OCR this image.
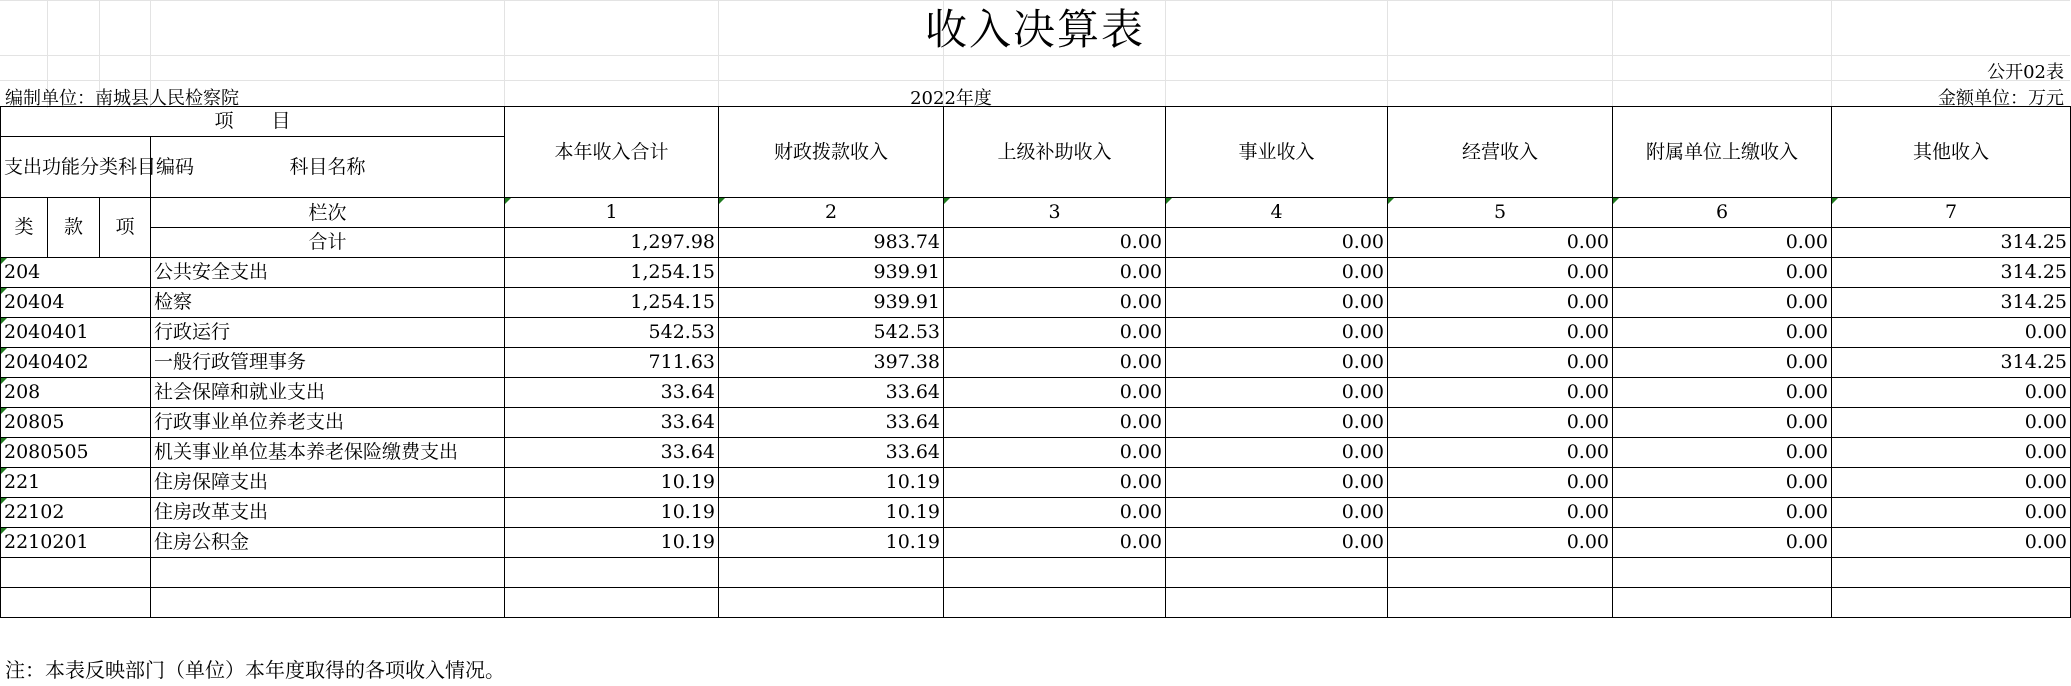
收入决算表
公开02表
编制单位：南城县人民检察院	2022年度	金额单位：万元
项　　目				本年收入合计	财政拨款收入	上级补助收入	事业收入	经营收入	附属单位上缴收入	其他收入
支出功能分类科目编码			科目名称							

类	款	项	栏次	1	2	3	4	5	6	7
			合计	1,297.98	983.74	0.00	0.00	0.00	0.00	314.25
204			公共安全支出	1,254.15	939.91	0.00	0.00	0.00	0.00	314.25
20404			检察	1,254.15	939.91	0.00	0.00	0.00	0.00	314.25
2040401			行政运行	542.53	542.53	0.00	0.00	0.00	0.00	0.00
2040402			一般行政管理事务	711.63	397.38	0.00	0.00	0.00	0.00	314.25
208			社会保障和就业支出	33.64	33.64	0.00	0.00	0.00	0.00	0.00
20805			行政事业单位养老支出	33.64	33.64	0.00	0.00	0.00	0.00	0.00
2080505			机关事业单位基本养老保险缴费支出	33.64	33.64	0.00	0.00	0.00	0.00	0.00
221			住房保障支出	10.19	10.19	0.00	0.00	0.00	0.00	0.00
22102			住房改革支出	10.19	10.19	0.00	0.00	0.00	0.00	0.00
2210201			住房公积金	10.19	10.19	0.00	0.00	0.00	0.00	0.00

注：本表反映部门（单位）本年度取得的各项收入情况。
